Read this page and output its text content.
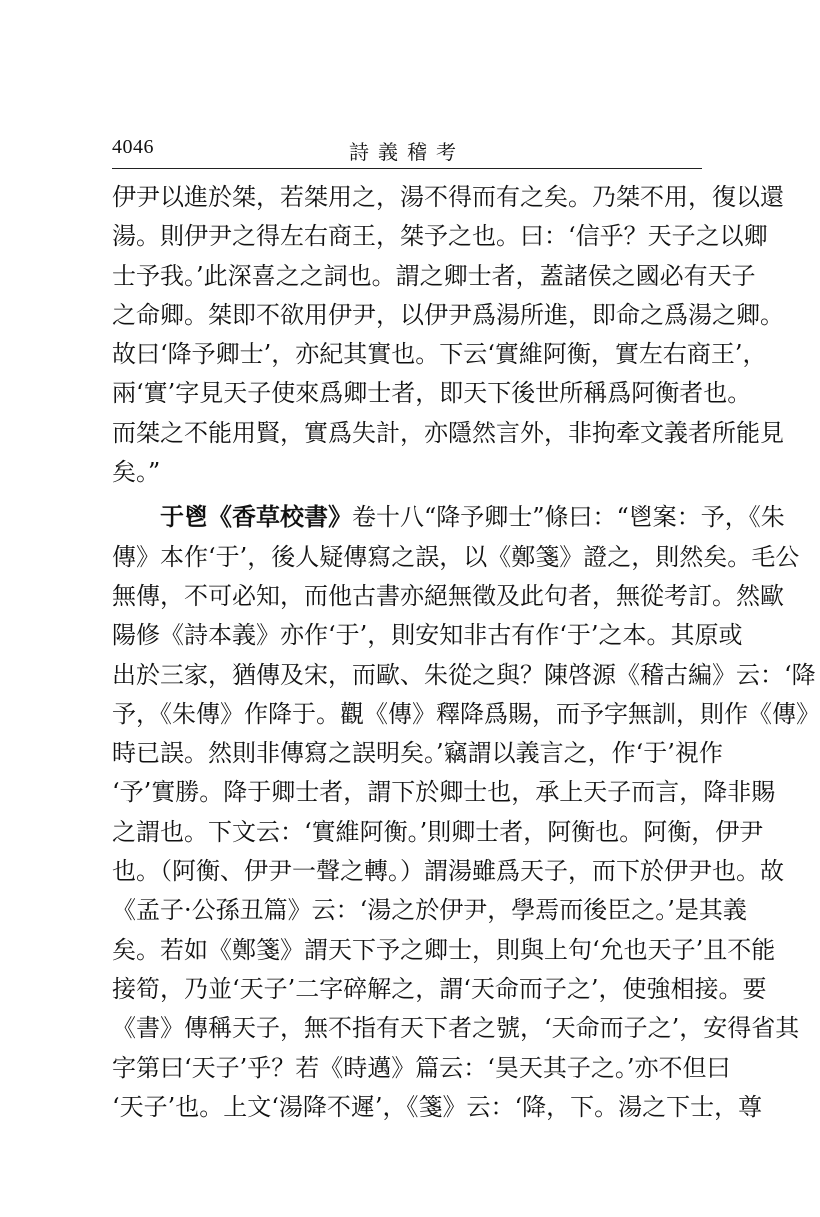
4046	詩義稽考
伊尹以進於桀，若桀用之，湯不得而有之矣。乃桀不用，復以還
湯。則伊尹之得左右商王，桀予之也。曰：‘信乎？天子之以卿
士予我。’此深喜之之詞也。謂之卿士者，蓋諸侯之國必有天子
之命卿。桀即不欲用伊尹，以伊尹爲湯所進，即命之爲湯之卿。
故曰‘降予卿士’，亦紀其實也。下云‘實維阿衡，實左右商王’，
兩‘實’字見天子使來爲卿士者，即天下後世所稱爲阿衡者也。
而桀之不能用賢，實爲失計，亦隱然言外，非拘牽文義者所能見
矣。”
于鬯《香草校書》卷十八“降予卿士”條曰：“鬯案：予，《朱
傳》本作‘于’，後人疑傳寫之誤，以《鄭箋》證之，則然矣。毛公
無傳，不可必知，而他古書亦絕無徵及此句者，無從考訂。然歐
陽修《詩本義》亦作‘于’，則安知非古有作‘于’之本。其原或
出於三家，猶傳及宋，而歐、朱從之與？陳啓源《稽古編》云：‘降
予，《朱傳》作降于。觀《傳》釋降爲賜，而予字無訓，則作《傳》
時已誤。然則非傳寫之誤明矣。’竊謂以義言之，作‘于’視作
‘予’實勝。降于卿士者，謂下於卿士也，承上天子而言，降非賜
之謂也。下文云：‘實維阿衡。’則卿士者，阿衡也。阿衡，伊尹
也。（阿衡、伊尹一聲之轉。）謂湯雖爲天子，而下於伊尹也。故
《孟子·公孫丑篇》云：‘湯之於伊尹，學焉而後臣之。’是其義
矣。若如《鄭箋》謂天下予之卿士，則與上句‘允也天子’且不能
接筍，乃並‘天子’二字碎解之，謂‘天命而子之’，使強相接。要
《書》傳稱天子，無不指有天下者之號，‘天命而子之’，安得省其
字第曰‘天子’乎？若《時邁》篇云：‘昊天其子之。’亦不但曰
‘天子’也。上文‘湯降不遲’，《箋》云：‘降，下。湯之下士，尊
